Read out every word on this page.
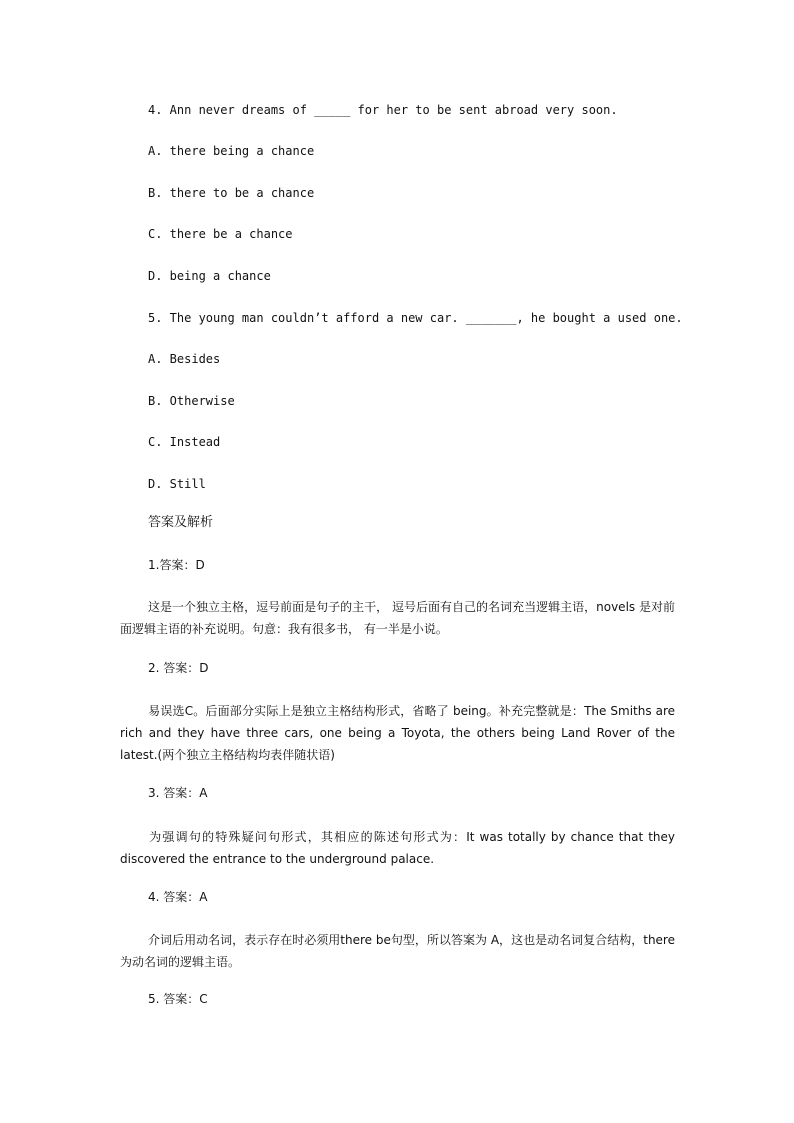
4. Ann never dreams of _____ for her to be sent abroad very soon.
A. there being a chance
B. there to be a chance
C. there be a chance
D. being a chance
5. The young man couldn’t afford a new car. _______, he bought a used one.
A. Besides
B. Otherwise
C. Instead
D. Still
答案及解析
1.答案：D
这是一个独立主格，逗号前面是句子的主干， 逗号后面有自己的名词充当逻辑主语，novels 是对前面逻辑主语的补充说明。句意：我有很多书， 有一半是小说。
2. 答案：D
易误选C。后面部分实际上是独立主格结构形式，省略了 being。补充完整就是：The Smiths are rich and they have three cars, one being a Toyota, the others being Land Rover of the latest.(两个独立主格结构均表伴随状语)
3. 答案：A
为强调句的特殊疑问句形式，其相应的陈述句形式为：It was totally by chance that they discovered the entrance to the underground palace.
4. 答案：A
介词后用动名词，表示存在时必须用there be句型，所以答案为 A，这也是动名词复合结构，there为动名词的逻辑主语。
5. 答案：C
